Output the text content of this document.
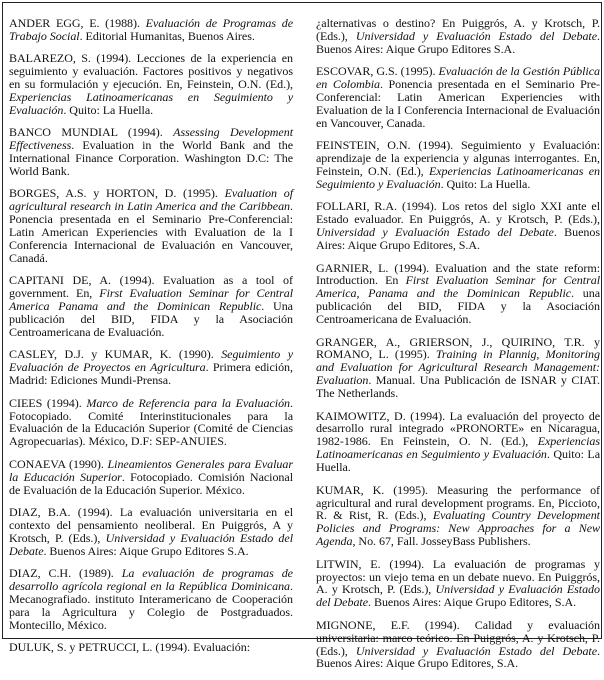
ANDER EGG, E. (1988). Evaluación de Programas de Trabajo Social. Editorial Humanitas, Buenos Aires.

BALAREZO, S. (1994). Lecciones de la experiencia en seguimiento y evaluación. Factores positivos y negativos en su formulación y ejecución. En, Feinstein, O.N. (Ed.), Experiencias Latinoamericanas en Seguimiento y Evaluación. Quito: La Huella.

BANCO MUNDIAL (1994). Assessing Development Effectiveness. Evaluation in the World Bank and the International Finance Corporation. Washington D.C: The World Bank.

BORGES, A.S. y HORTON, D. (1995). Evaluation of agricultural research in Latin America and the Caribbean. Ponencia presentada en el Seminario Pre-Conferencial: Latin American Experiencies with Evaluation de la I Conferencia Internacional de Evaluación en Vancouver, Canadá.

CAPITANI DE, A. (1994). Evaluation as a tool of government. En, First Evaluation Seminar for Central America Panama and the Dominican Republic. Una publicación del BID, FIDA y la Asociación Centroamericana de Evaluación.

CASLEY, D.J. y KUMAR, K. (1990). Seguimiento y Evaluación de Proyectos en Agricultura. Primera edición, Madrid: Ediciones Mundi-Prensa.

CIEES (1994). Marco de Referencia para la Evaluación. Fotocopiado. Comité Interinstitucionales para la Evaluación de la Educación Superior (Comité de Ciencias Agropecuarias). México, D.F: SEP-ANUIES.

CONAEVA (1990). Lineamientos Generales para Evaluar la Educación Superior. Fotocopiado. Comisión Nacional de Evaluación de la Educación Superior. México.

DIAZ, B.A. (1994). La evaluación universitaria en el contexto del pensamiento neoliberal. En Puiggrós, A y Krotsch, P. (Eds.), Universidad y Evaluación Estado del Debate. Buenos Aires: Aique Grupo Editores S.A.

DIAZ, C.H. (1989). La evaluación de programas de desarrollo agrícola regional en la República Dominicana. Mecanografiado. instituto Interamericano de Cooperación para la Agricultura y Colegio de Postgraduados. Montecillo, México.

DULUK, S. y PETRUCCI, L. (1994). Evaluación:

¿alternativas o destino? En Puiggrós, A. y Krotsch, P. (Eds.), Universidad y Evaluación Estado del Debate. Buenos Aires: Aique Grupo Editores S.A.

ESCOVAR, G.S. (1995). Evaluación de la Gestión Pública en Colombia. Ponencia presentada en el Seminario Pre-Conferencial: Latin American Experiencies with Evaluation de la I Conferencia Internacional de Evaluación en Vancouver, Canada.

FEINSTEIN, O.N. (1994). Seguimiento y Evaluación: aprendizaje de la experiencia y algunas interrogantes. En, Feinstein, O.N. (Ed.), Experiencias Latinoamericanas en Seguimiento y Evaluación. Quito: La Huella.

FOLLARI, R.A. (1994). Los retos del siglo XXI ante el Estado evaluador. En Puiggrós, A. y Krotsch, P. (Eds.), Universidad y Evaluación Estado del Debate. Buenos Aires: Aique Grupo Editores, S.A.

GARNIER, L. (1994). Evaluation and the state reform: Introduction. En First Evaluation Seminar for Central America, Panama and the Dominican Republic. una publicación del BID, FIDA y la Asociación Centroamericana de Evaluación.

GRANGER, A., GRIERSON, J., QUIRINO, T.R. y ROMANO, L. (1995). Training in Plannig, Monitoring and Evaluation for Agricultural Research Management: Evaluation. Manual. Una Publicación de ISNAR y CIAT. The Netherlands.

KAIMOWITZ, D. (1994). La evaluación del proyecto de desarrollo rural integrado «PRONORTE» en Nicaragua, 1982-1986. En Feinstein, O. N. (Ed.), Experiencias Latinoamericanas en Seguimiento y Evaluación. Quito: La Huella.

KUMAR, K. (1995). Measuring the performance of agricultural and rural development programs. En, Piccioto, R. & Rist, R. (Eds.), Evaluating Country Development Policies and Programs: New Approaches for a New Agenda, No. 67, Fall. JosseyBass Publishers.

LITWIN, E. (1994). La evaluación de programas y proyectos: un viejo tema en un debate nuevo. En Puiggrós, A. y Krotsch, P. (Eds.), Universidad y Evaluación Estado del Debate. Buenos Aires: Aique Grupo Editores, S.A.

MIGNONE, E.F. (1994). Calidad y evaluación universitaria: marco teórico. En Puiggrós, A. y Krotsch, P. (Eds.), Universidad y Evaluación Estado del Debate. Buenos Aires: Aique Grupo Editores, S.A.
